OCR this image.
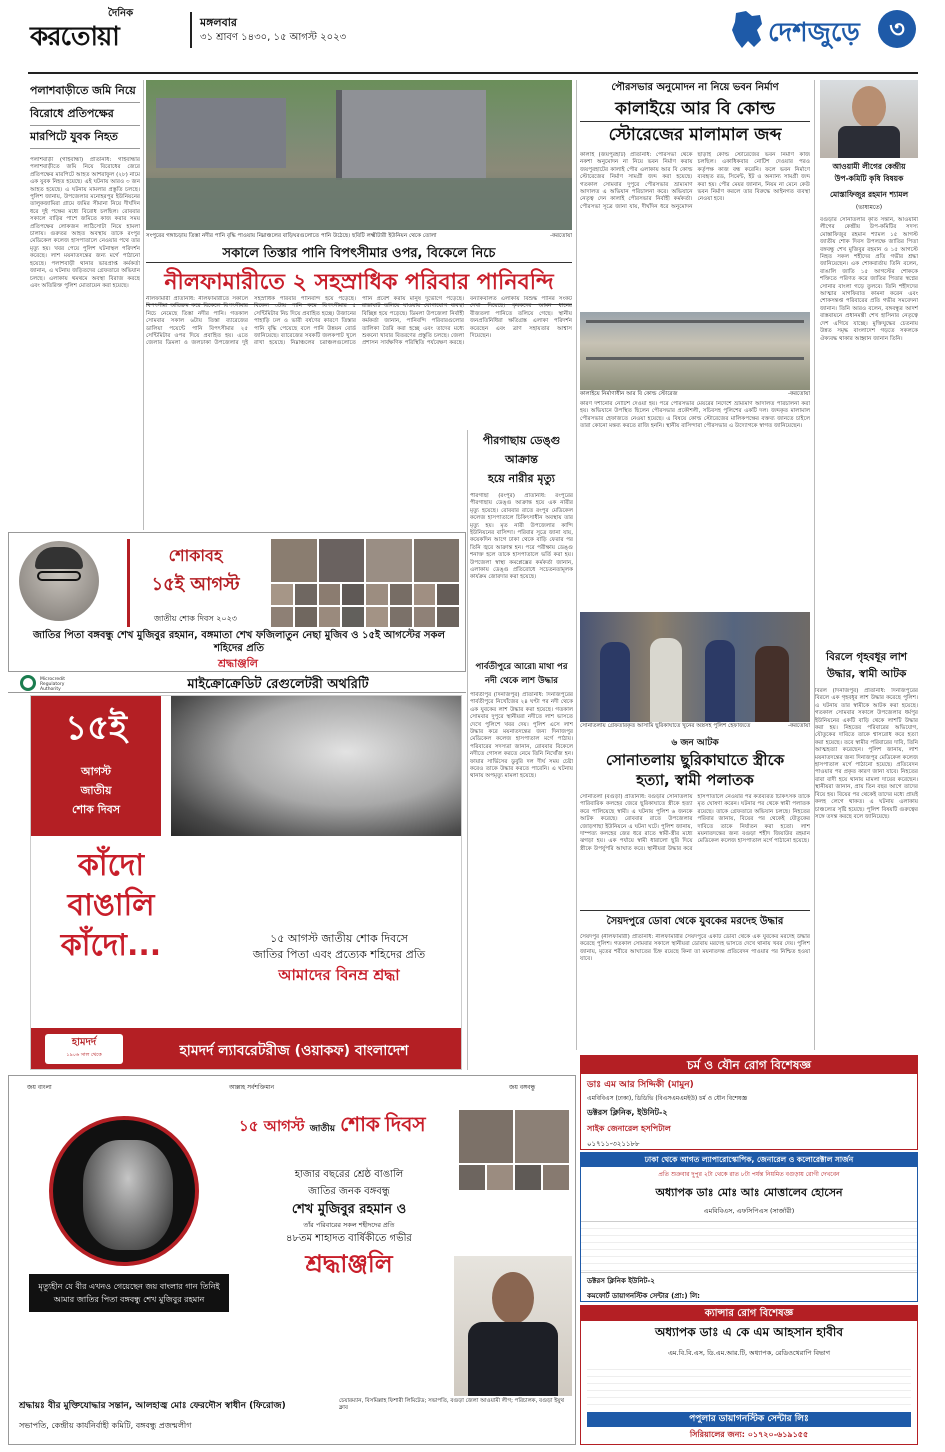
দৈনিক
করতোয়া	মঙ্গলবার
৩১ শ্রাবণ ১৪৩০, ১৫ আগস্ট ২০২৩	দেশজুড়ে	৩
পলাশবাড়ীতে জমি নিয়ে
বিরোধে প্রতিপক্ষের
মারপিটে যুবক নিহত
পলাশবাড়ী (গাইবান্ধা) প্রতিনিধি: গাইবান্ধার পলাশবাড়ীতে জমি নিয়ে বিরোধের জেরে প্রতিপক্ষের মারপিটে আহত আশরাফুল (২৮) নামে এক যুবক নিহত হয়েছে। এই ঘটনায় আরও ৩ জন আহত হয়েছে। এ ঘটনায় মামলার প্রস্তুতি চলছে। পুলিশ জানায়, উপজেলার মনোহরপুর ইউনিয়নের তালুকজামিরা গ্রামে জমির সীমানা নিয়ে দীর্ঘদিন ধরে দুই পক্ষের মধ্যে বিরোধ চলছিল। রোববার সকালে বাড়ির পাশে জমিতে কাজ করার সময় প্রতিপক্ষের লোকজন লাঠিসোটা নিয়ে হামলা চালায়। গুরুতর আহত অবস্থায় তাকে রংপুর মেডিকেল কলেজ হাসপাতালে নেওয়ার পথে তার মৃত্যু হয়। খবর পেয়ে পুলিশ ঘটনাস্থল পরিদর্শন করেছে। লাশ ময়নাতদন্তের জন্য মর্গে পাঠানো হয়েছে। পলাশবাড়ী থানার ভারপ্রাপ্ত কর্মকর্তা জানান, এ ঘটনায় জড়িতদের গ্রেফতারে অভিযান চলছে। এলাকায় থমথমে অবস্থা বিরাজ করছে এবং অতিরিক্ত পুলিশ মোতায়েন করা হয়েছে।
সংপুরের গঙ্গাচড়ায় তিস্তা নদীর পানি বৃদ্ধি পাওয়ায় নিম্নাঞ্চলের বাড়িঘরগুলোতে পানি উঠেছে। ছবিটি লক্ষ্মীটারী ইউনিয়ন থেকে তোলা	-করতোয়া
সকালে তিস্তার পানি বিপৎসীমার ওপর, বিকেলে নিচে
নীলফামারীতে ২ সহস্রাধিক পরিবার পানিবন্দি
নীলফামারী প্রতিনিধি: নীলফামারীতে সকালে বিপৎসীমা অতিক্রম করে বিকেলে বিপৎসীমার নিচে নেমেছে তিস্তা নদীর পানি। গতকাল সোমবার সকাল ৬টায় তিস্তা ব্যারেজের ডালিয়া পয়েন্টে পানি বিপৎসীমার ২৫ সেন্টিমিটার ওপর দিয়ে প্রবাহিত হয়। এতে জেলার ডিমলা ও জলঢাকা উপজেলার দুই সহস্রাধিক পরিবার পানিবন্দি হয়ে পড়েছে। বিকেল ৩টায় পানি কমে বিপৎসীমার ৫ সেন্টিমিটার নিচ দিয়ে প্রবাহিত হচ্ছে। উজানের পাহাড়ি ঢল ও ভারী বর্ষণের কারণে তিস্তার পানি বৃদ্ধি পেয়েছে বলে পানি উন্নয়ন বোর্ড জানিয়েছে। ব্যারেজের সবকটি জলকপাট খুলে রাখা হয়েছে। নিম্নাঞ্চলের চরাঞ্চলগুলোতে পানি প্রবেশ করায় মানুষ দুর্ভোগে পড়েছে। রাস্তাঘাট তলিয়ে যাওয়ায় যোগাযোগ ব্যবস্থা বিচ্ছিন্ন হয়ে পড়েছে। ডিমলা উপজেলা নির্বাহী কর্মকর্তা জানান, পানিবন্দি পরিবারগুলোর তালিকা তৈরি করা হচ্ছে এবং তাদের মধ্যে শুকনো খাবার বিতরণের প্রস্তুতি চলছে। জেলা প্রশাসন সার্বক্ষণিক পরিস্থিতি পর্যবেক্ষণ করছে। বন্যাকবলিত এলাকায় বিশুদ্ধ পানির সংকট দেখা দিয়েছে। কৃষকদের আমন ধানের বীজতলা পানিতে তলিয়ে গেছে। স্থানীয় জনপ্রতিনিধিরা ক্ষতিগ্রস্ত এলাকা পরিদর্শন করেছেন এবং ত্রাণ সহায়তার আশ্বাস দিয়েছেন।
পীরগাছায় ডেঙ্গু আক্রান্ত
হয়ে নারীর মৃত্যু
পীরগাছা (রংপুর) প্রতিনিধি: রংপুরের পীরগাছায় ডেঙ্গু আক্রান্ত হয়ে এক নারীর মৃত্যু হয়েছে। রোববার রাতে রংপুর মেডিকেল কলেজ হাসপাতালে চিকিৎসাধীন অবস্থায় তার মৃত্যু হয়। মৃত নারী উপজেলার কান্দি ইউনিয়নের বাসিন্দা। পরিবার সূত্রে জানা যায়, কয়েকদিন আগে ঢাকা থেকে বাড়ি ফেরার পর তিনি জ্বরে আক্রান্ত হন। পরে পরীক্ষায় ডেঙ্গু শনাক্ত হলে তাকে হাসপাতালে ভর্তি করা হয়। উপজেলা স্বাস্থ্য কমপ্লেক্সের কর্মকর্তা জানান, এলাকায় ডেঙ্গু প্রতিরোধে সচেতনতামূলক কার্যক্রম জোরদার করা হয়েছে।
পৌরসভার অনুমোদন না নিয়ে ভবন নির্মাণ
কালাইয়ে আর বি কোল্ড
স্টোরেজের মালামাল জব্দ
কালাই (জয়পুরহাট) প্রতিনিধি: পৌরসভা থেকে নকশা অনুমোদন না নিয়ে ভবন নির্মাণ করায় জয়পুরহাটের কালাই পৌর এলাকায় আর বি কোল্ড স্টোরেজের নির্মাণ সামগ্রী জব্দ করা হয়েছে। গতকাল সোমবার দুপুরে পৌরসভার ভ্রাম্যমাণ আদালত এ অভিযান পরিচালনা করে। অভিযানে নেতৃত্ব দেন কালাই পৌরসভার নির্বাহী কর্মকর্তা। পৌরসভা সূত্রে জানা যায়, দীর্ঘদিন ধরে অনুমোদন ছাড়াই কোল্ড স্টোরেজের ভবন নির্মাণ কাজ চলছিল। একাধিকবার নোটিশ দেওয়ার পরও কর্তৃপক্ষ কাজ বন্ধ করেনি। ফলে ভবন নির্মাণে ব্যবহৃত রড, সিমেন্ট, ইট ও অন্যান্য সামগ্রী জব্দ করা হয়। পৌর মেয়র জানান, নিয়ম না মেনে কেউ ভবন নির্মাণ করলে তার বিরুদ্ধে আইনগত ব্যবস্থা নেওয়া হবে।
কালাইয়ে নির্মাণাধীন আর বি কোল্ড স্টোরেজ	-করতোয়া
কারণ দর্শানোর নোটিশ দেওয়া হয়। পরে পৌরসভার মেয়রের নির্দেশে ভ্রাম্যমাণ আদালত পরিচালনা করা হয়। অভিযানে উপস্থিত ছিলেন পৌরসভার প্রকৌশলী, সচিবসহ পুলিশের একটি দল। জব্দকৃত মালামাল পৌরসভার হেফাজতে নেওয়া হয়েছে। এ বিষয়ে কোল্ড স্টোরেজের মালিকপক্ষের বক্তব্য জানতে চাইলে তারা কোনো মন্তব্য করতে রাজি হননি। স্থানীয় বাসিন্দারা পৌরসভার এ উদ্যোগকে স্বাগত জানিয়েছেন।
আওয়ামী লীগের কেন্দ্রীয়
উপ-কমিটি কৃষি বিষয়ক
মোস্তাফিজুর রহমান শ্যামল
(ভাষ্যমতে)
বগুড়ার সোনাতলার কৃতি সন্তান, আওয়ামী লীগের কেন্দ্রীয় উপ-কমিটির সদস্য মোস্তাফিজুর রহমান শ্যামল ১৫ আগস্ট জাতীয় শোক দিবস উপলক্ষে জাতির পিতা বঙ্গবন্ধু শেখ মুজিবুর রহমান ও ১৫ আগস্টে নিহত সকল শহীদের প্রতি গভীর শ্রদ্ধা জানিয়েছেন। এক শোকবার্তায় তিনি বলেন, বাঙালি জাতি ১৫ আগস্টের শোককে শক্তিতে পরিণত করে জাতির পিতার স্বপ্নের সোনার বাংলা গড়ে তুলবে। তিনি শহীদদের আত্মার মাগফিরাত কামনা করেন এবং শোকসন্তপ্ত পরিবারের প্রতি গভীর সমবেদনা জানান। তিনি আরও বলেন, বঙ্গবন্ধুর আদর্শ বাস্তবায়নে প্রধানমন্ত্রী শেখ হাসিনার নেতৃত্বে দেশ এগিয়ে যাচ্ছে। মুক্তিযুদ্ধের চেতনায় উন্নত সমৃদ্ধ বাংলাদেশ গড়তে সকলকে ঐক্যবদ্ধ থাকার আহ্বান জানান তিনি।
বিরলে গৃহবধূর লাশ
উদ্ধার, স্বামী আটক
বিরল (দিনাজপুর) প্রতিনিধি: দিনাজপুরের বিরলে এক গৃহবধূর লাশ উদ্ধার করেছে পুলিশ। এ ঘটনায় তার স্বামীকে আটক করা হয়েছে। গতকাল সোমবার সকালে উপজেলার ধর্মপুর ইউনিয়নের একটি বাড়ি থেকে লাশটি উদ্ধার করা হয়। নিহতের পরিবারের অভিযোগ, যৌতুকের দাবিতে তাকে শ্বাসরোধ করে হত্যা করা হয়েছে। তবে স্বামীর পরিবারের দাবি, তিনি আত্মহত্যা করেছেন। পুলিশ জানায়, লাশ ময়নাতদন্তের জন্য দিনাজপুর মেডিকেল কলেজ হাসপাতাল মর্গে পাঠানো হয়েছে। প্রতিবেদন পাওয়ার পর প্রকৃত কারণ জানা যাবে। নিহতের বাবা বাদী হয়ে থানায় মামলা দায়ের করেছেন। স্থানীয়রা জানান, প্রায় তিন বছর আগে তাদের বিয়ে হয়। বিয়ের পর থেকেই তাদের মধ্যে প্রায়ই কলহ লেগে থাকত। এ ঘটনায় এলাকায় চাঞ্চল্যের সৃষ্টি হয়েছে। পুলিশ বিষয়টি গুরুত্বের সঙ্গে তদন্ত করছে বলে জানিয়েছে।
সোনাতলায় গ্রেফতারকৃত আসামি ছুরিকাঘাতে খুনের অস্ত্রসহ পুলিশ হেফাজতে	-করতোয়া
৬ জন আটক
সোনাতলায় ছুরিকাঘাতে স্ত্রীকে
হত্যা, স্বামী পলাতক
সোনাতলা (বগুড়া) প্রতিনিধি: বগুড়ার সোনাতলায় পারিবারিক কলহের জেরে ছুরিকাঘাতে স্ত্রীকে হত্যা করে পালিয়েছে স্বামী। এ ঘটনায় পুলিশ ৬ জনকে আটক করেছে। রোববার রাতে উপজেলার জোড়গাছা ইউনিয়নে এ ঘটনা ঘটে। পুলিশ জানায়, দাম্পত্য কলহের জের ধরে রাতে স্বামী-স্ত্রীর মধ্যে ঝগড়া হয়। এক পর্যায়ে স্বামী ধারালো ছুরি দিয়ে স্ত্রীকে উপর্যুপরি আঘাত করে। স্থানীয়রা উদ্ধার করে হাসপাতালে নেওয়ার পর কর্তব্যরত চিকিৎসক তাকে মৃত ঘোষণা করেন। ঘটনার পর থেকে স্বামী পলাতক রয়েছে। তাকে গ্রেফতারে অভিযান চলছে। নিহতের পরিবার জানায়, বিয়ের পর থেকেই যৌতুকের দাবিতে তাকে নির্যাতন করা হতো। লাশ ময়নাতদন্তের জন্য বগুড়া শহীদ জিয়াউর রহমান মেডিকেল কলেজ হাসপাতাল মর্গে পাঠানো হয়েছে।
সৈয়দপুরে ডোবা থেকে যুবকের মরদেহ উদ্ধার
সৈয়দপুর (নীলফামারী) প্রতিনিধি: নীলফামারীর সৈয়দপুরে একটি ডোবা থেকে এক যুবকের মরদেহ উদ্ধার করেছে পুলিশ। গতকাল সোমবার সকালে স্থানীয়রা ডোবায় মরদেহ ভাসতে দেখে থানায় খবর দেয়। পুলিশ জানায়, মৃতের শরীরে আঘাতের চিহ্ন রয়েছে কিনা তা ময়নাতদন্ত প্রতিবেদন পাওয়ার পর নিশ্চিত হওয়া যাবে।
পার্বতীপুরে আরো৷ মাথা পর
নদী থেকে লাশ উদ্ধার
পার্বতীপুর (দিনাজপুর) প্রতিনিধি: দিনাজপুরের পার্বতীপুরে নিখোঁজের ২৪ ঘণ্টা পর নদী থেকে এক যুবকের লাশ উদ্ধার করা হয়েছে। গতকাল সোমবার দুপুরে স্থানীয়রা নদীতে লাশ ভাসতে দেখে পুলিশে খবর দেয়। পুলিশ এসে লাশ উদ্ধার করে ময়নাতদন্তের জন্য দিনাজপুর মেডিকেল কলেজ হাসপাতাল মর্গে পাঠায়। পরিবারের সদস্যরা জানান, রোববার বিকেলে নদীতে গোসল করতে নেমে তিনি নিখোঁজ হন। ফায়ার সার্ভিসের ডুবুরি দল দীর্ঘ সময় চেষ্টা করেও তাকে উদ্ধার করতে পারেনি। এ ঘটনায় থানায় অপমৃত্যু মামলা হয়েছে।
শোকাবহ
১৫ই আগস্ট
জাতীয় শোক দিবস ২০২৩
জাতির পিতা বঙ্গবন্ধু শেখ মুজিবুর রহমান, বঙ্গমাতা শেখ ফজিলাতুন নেছা মুজিব ও ১৫ই আগস্টের সকল শহিদের প্রতি
শ্রদ্ধাঞ্জলি
Microcredit Regulatory Authority	মাইক্রোক্রেডিট রেগুলেটরী অথরিটি
১৫ই
আগস্ট
জাতীয়
শোক দিবস
কাঁদো
বাঙালি
কাঁদো...	১৫ আগস্ট জাতীয় শোক দিবসে
জাতির পিতা এবং প্রত্যেক শহিদের প্রতি
আমাদের বিনম্র শ্রদ্ধা
হামদর্দ
১৯০৬ সাল থেকে	হামদর্দ ল্যাবরেটরীজ (ওয়াকফ) বাংলাদেশ
জয় বাংলা	আল্লাহ সর্বশক্তিমান	জয় বঙ্গবন্ধু
মৃত্যুহীন যে বীর এখনও গেয়েছেন জয় বাংলার গান তিনিই আমার জাতির পিতা বঙ্গবন্ধু শেখ মুজিবুর রহমান
১৫ আগস্ট জাতীয় শোক দিবস
হাজার বছরের শ্রেষ্ঠ বাঙালি
জাতির জনক বঙ্গবন্ধু
শেখ মুজিবুর রহমান ও
তাঁর পরিবারের সকল শহীদদের প্রতি
৪৮তম শাহাদত বার্ষিকীতে গভীর
শ্রদ্ধাঞ্জলি
চেয়ারম্যান, বিসমিল্লাহ ফিশারী লিমিটেড; সভাপতি, বগুড়া জেলা আওয়ামী লীগ; পরিচালক, বগুড়া ইয়ুথ ক্লাব
শ্রদ্ধায়ঃ বীর মুক্তিযোদ্ধার সন্তান, আলহাজ্ব মোঃ ফেরদৌস স্বাধীন (ফিরোজ)
সভাপতি, কেন্দ্রীয় কার্যনির্বাহী কমিটি, বঙ্গবন্ধু প্রজন্মলীগ
চর্ম ও যৌন রোগ বিশেষজ্ঞ
ডাঃ এম আর সিদ্দিকী (মামুন)
এমবিবিএস (ঢাকা), ডিডিভি (বিএসএমএমইউ) চর্ম ও যৌন বিশেষজ্ঞ
ডক্টরস ক্লিনিক, ইউনিট-২
সাইক জেনারেল হসপিটাল
০১৭১১-৩২১১৮৮
ঢাকা থেকে আগত ল্যাপারোস্কোপিক, জেনারেল ও কলোরেক্টাল সার্জন
প্রতি শুক্রবার দুপুর ২টা থেকে রাত ৮টা পর্যন্ত নিয়মিত বগুড়ায় রোগী দেখবেন
অধ্যাপক ডাঃ মোঃ আঃ মোত্তালেব হোসেন
এমবিবিএস, এফসিপিএস (সার্জারী)
ডক্টরস ক্লিনিক ইউনিট-২
কমফোর্ট ডায়াগনস্টিক সেন্টার (প্রা:) লি:
ক্যান্সার রোগ বিশেষজ্ঞ
অধ্যাপক ডাঃ এ কে এম আহসান হাবীব
এম.বি.বি.এস, ডি.এম.আর.টি, অধ্যাপক, রেডিওথেরাপি বিভাগ
পপুলার ডায়াগনস্টিক সেন্টার লিঃ
সিরিয়ালের জন্য: ০১৭২০-৬১৯১৫৫
